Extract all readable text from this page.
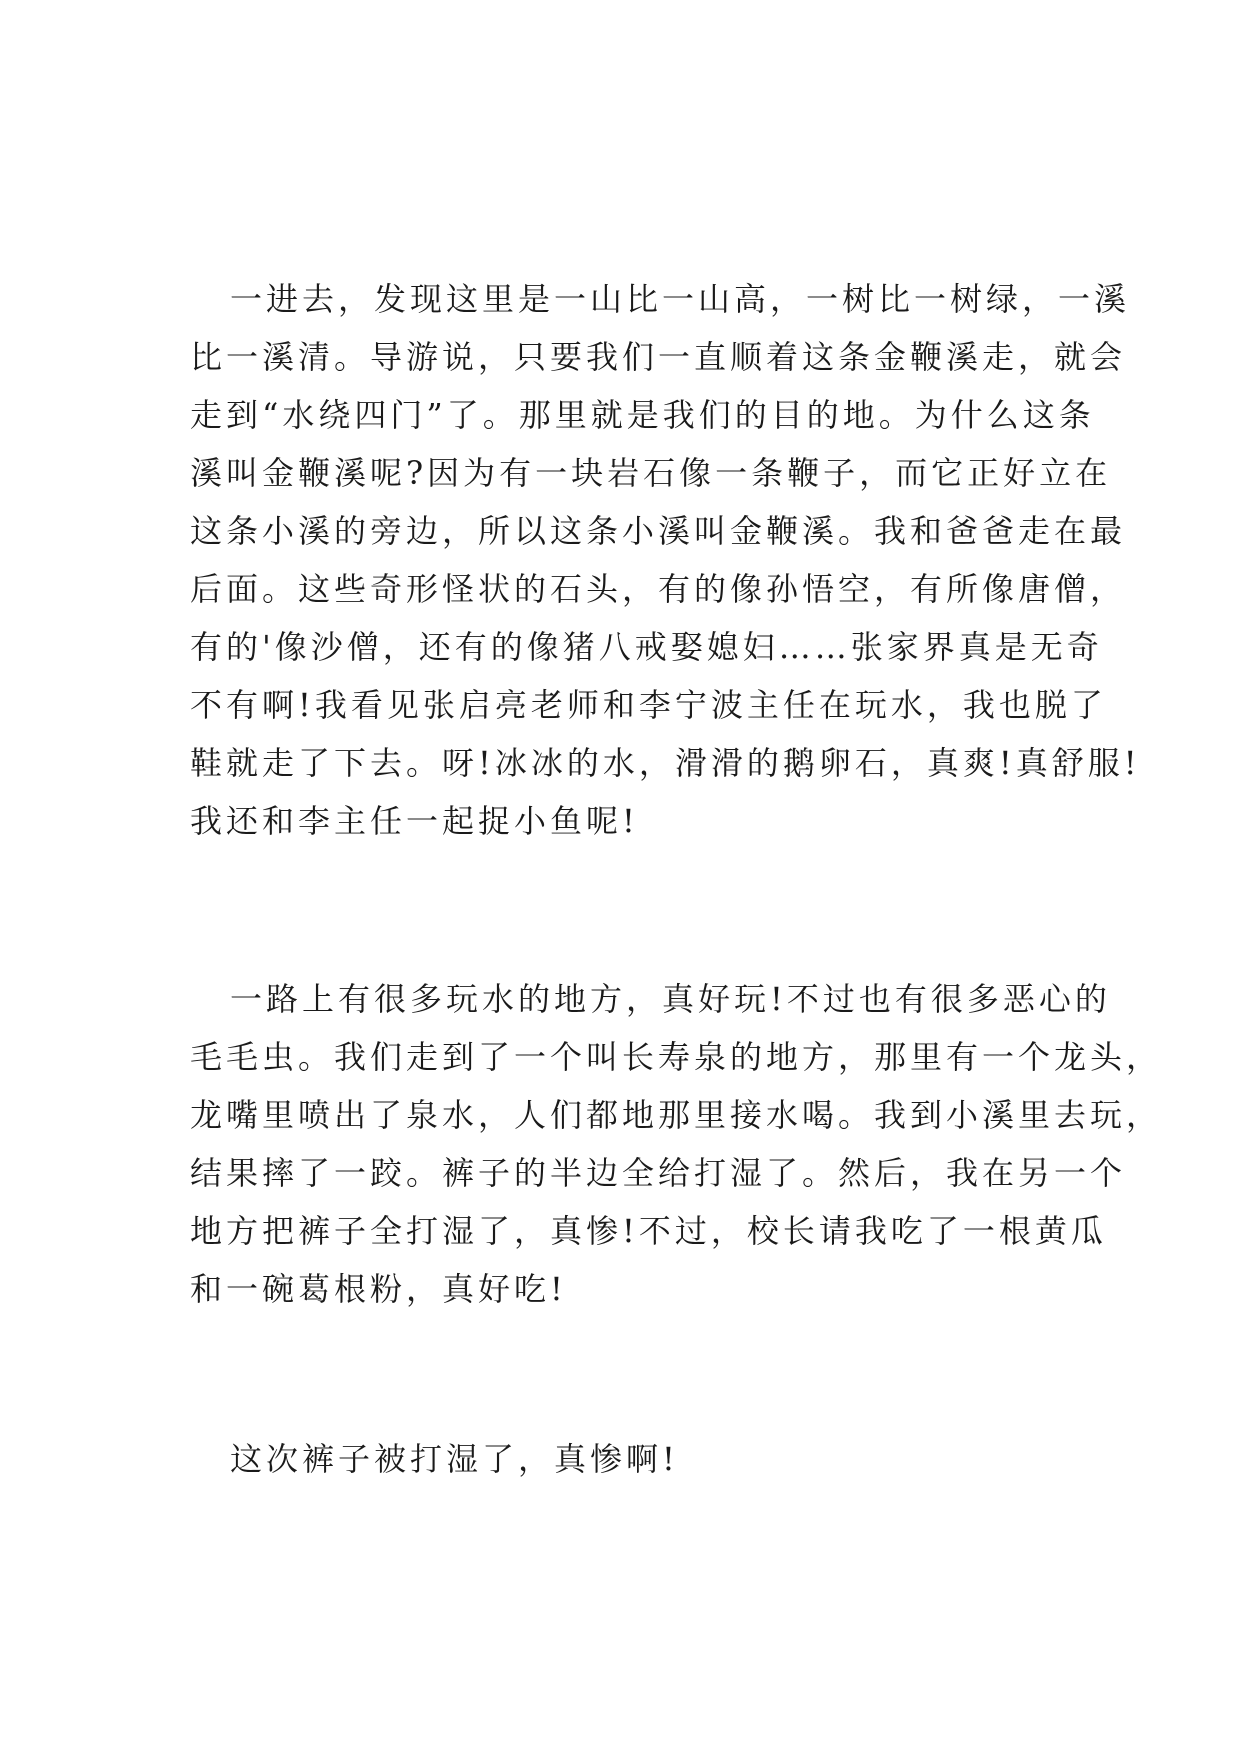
一进去，发现这里是一山比一山高，一树比一树绿，一溪
比一溪清。导游说，只要我们一直顺着这条金鞭溪走，就会
走到“水绕四门”了。那里就是我们的目的地。为什么这条
溪叫金鞭溪呢?因为有一块岩石像一条鞭子，而它正好立在
这条小溪的旁边，所以这条小溪叫金鞭溪。我和爸爸走在最
后面。这些奇形怪状的石头，有的像孙悟空，有所像唐僧，
有的'像沙僧，还有的像猪八戒娶媳妇……张家界真是无奇
不有啊!我看见张启亮老师和李宁波主任在玩水，我也脱了
鞋就走了下去。呀!冰冰的水，滑滑的鹅卵石，真爽!真舒服!
我还和李主任一起捉小鱼呢!
一路上有很多玩水的地方，真好玩!不过也有很多恶心的
毛毛虫。我们走到了一个叫长寿泉的地方，那里有一个龙头，
龙嘴里喷出了泉水，人们都地那里接水喝。我到小溪里去玩，
结果摔了一跤。裤子的半边全给打湿了。然后，我在另一个
地方把裤子全打湿了，真惨!不过，校长请我吃了一根黄瓜
和一碗葛根粉，真好吃!
这次裤子被打湿了，真惨啊!
